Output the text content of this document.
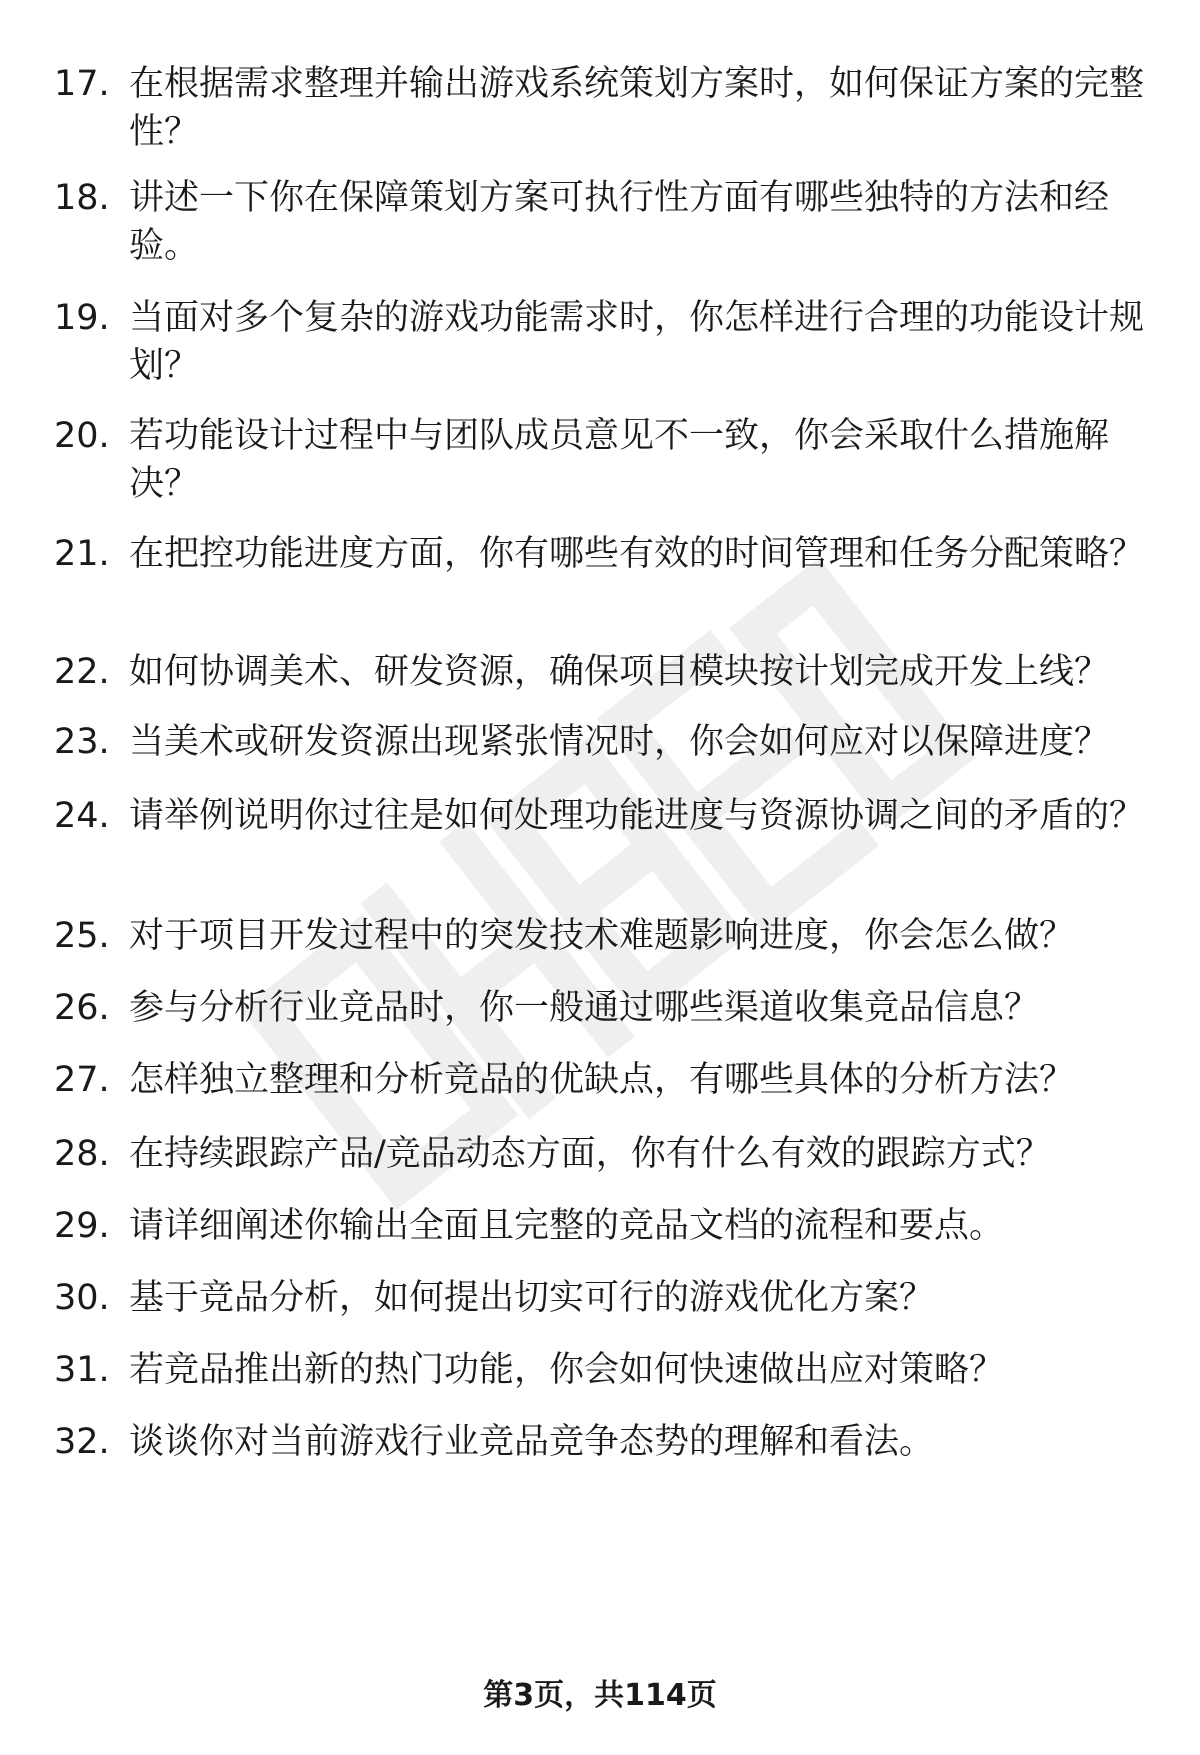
17. 在根据需求整理并输出游戏系统策划方案时，如何保证方案的完整性？
18. 讲述一下你在保障策划方案可执行性方面有哪些独特的方法和经验。
19. 当面对多个复杂的游戏功能需求时，你怎样进行合理的功能设计规划？
20. 若功能设计过程中与团队成员意见不一致，你会采取什么措施解决？
21. 在把控功能进度方面，你有哪些有效的时间管理和任务分配策略？
22. 如何协调美术、研发资源，确保项目模块按计划完成开发上线？
23. 当美术或研发资源出现紧张情况时，你会如何应对以保障进度？
24. 请举例说明你过往是如何处理功能进度与资源协调之间的矛盾的？
25. 对于项目开发过程中的突发技术难题影响进度，你会怎么做？
26. 参与分析行业竞品时，你一般通过哪些渠道收集竞品信息？
27. 怎样独立整理和分析竞品的优缺点，有哪些具体的分析方法？
28. 在持续跟踪产品/竞品动态方面，你有什么有效的跟踪方式？
29. 请详细阐述你输出全面且完整的竞品文档的流程和要点。
30. 基于竞品分析，如何提出切实可行的游戏优化方案？
31. 若竞品推出新的热门功能，你会如何快速做出应对策略？
32. 谈谈你对当前游戏行业竞品竞争态势的理解和看法。
第3页，共114页
